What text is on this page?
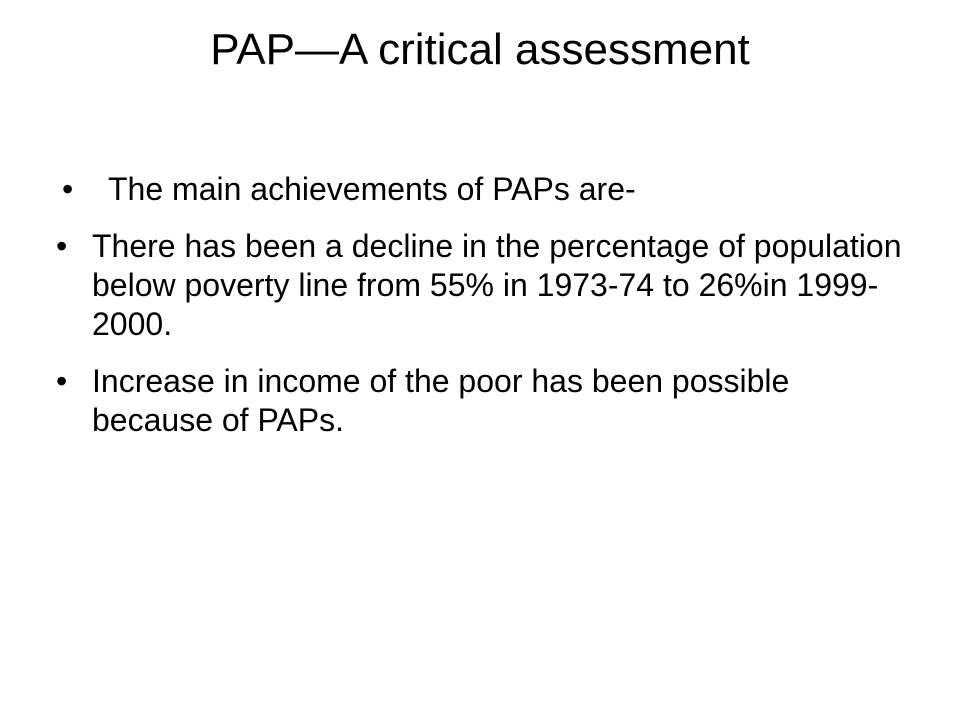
PAP—A critical assessment
• The main achievements of PAPs are-
• There has been a decline in the percentage of population below poverty line from 55% in 1973-74 to 26%in 1999-2000.
• Increase in income of the poor has been possible because of PAPs.
